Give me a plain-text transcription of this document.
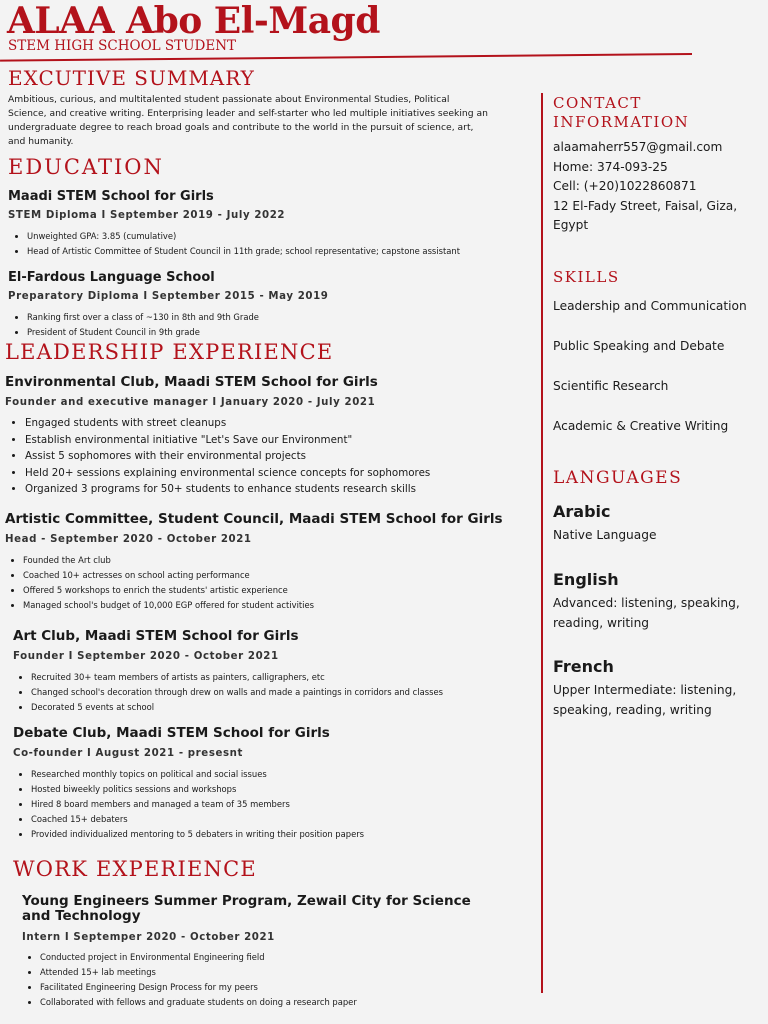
ALAA Abo El-Magd
STEM HIGH SCHOOL STUDENT
EXCUTIVE SUMMARY
Ambitious, curious, and multitalented student passionate about Environmental Studies, Political Science, and creative writing. Enterprising leader and self-starter who led multiple initiatives seeking an undergraduate degree to reach broad goals and contribute to the world in the pursuit of science, art, and humanity.
EDUCATION
Maadi STEM School for Girls
STEM Diploma I September 2019 - July 2022
• Unweighted GPA: 3.85 (cumulative)
• Head of Artistic Committee of Student Council in 11th grade; school representative; capstone assistant
El-Fardous Language School
Preparatory Diploma I September 2015 - May 2019
• Ranking first over a class of ~130 in 8th and 9th Grade
• President of Student Council in 9th grade
LEADERSHIP EXPERIENCE
Environmental Club, Maadi STEM School for Girls
Founder and executive manager I January 2020 - July 2021
• Engaged students with street cleanups
• Establish environmental initiative "Let's Save our Environment"
• Assist 5 sophomores with their environmental projects
• Held 20+ sessions explaining environmental science concepts for sophomores
• Organized 3 programs for 50+ students to enhance students research skills
Artistic Committee, Student Council, Maadi STEM School for Girls
Head - September 2020 - October 2021
• Founded the Art club
• Coached 10+ actresses on school acting performance
• Offered 5 workshops to enrich the students' artistic experience
• Managed school's budget of 10,000 EGP offered for student activities
Art Club, Maadi STEM School for Girls
Founder I September 2020 - October 2021
• Recruited 30+ team members of artists as painters, calligraphers, etc
• Changed school's decoration through drew on walls and made a paintings in corridors and classes
• Decorated 5 events at school
Debate Club, Maadi STEM School for Girls
Co-founder I August 2021 - presesnt
• Researched monthly topics on political and social issues
• Hosted biweekly politics sessions and workshops
• Hired 8 board members and managed a team of 35 members
• Coached 15+ debaters
• Provided individualized mentoring to 5 debaters in writing their position papers
WORK EXPERIENCE
Young Engineers Summer Program, Zewail City for Science
and Technology
Intern I Septemper 2020 - October 2021
• Conducted project in Environmental Engineering field
• Attended 15+ lab meetings
• Facilitated Engineering Design Process for my peers
• Collaborated with fellows and graduate students on doing a research paper
CONTACT
INFORMATION
alaamaherr557@gmail.com
Home: 374-093-25
Cell: (+20)1022860871
12 El-Fady Street, Faisal, Giza,
Egypt
SKILLS
Leadership and Communication
Public Speaking and Debate
Scientific Research
Academic & Creative Writing
LANGUAGES
Arabic
Native Language
English
Advanced: listening, speaking,
reading, writing
French
Upper Intermediate: listening,
speaking, reading, writing
